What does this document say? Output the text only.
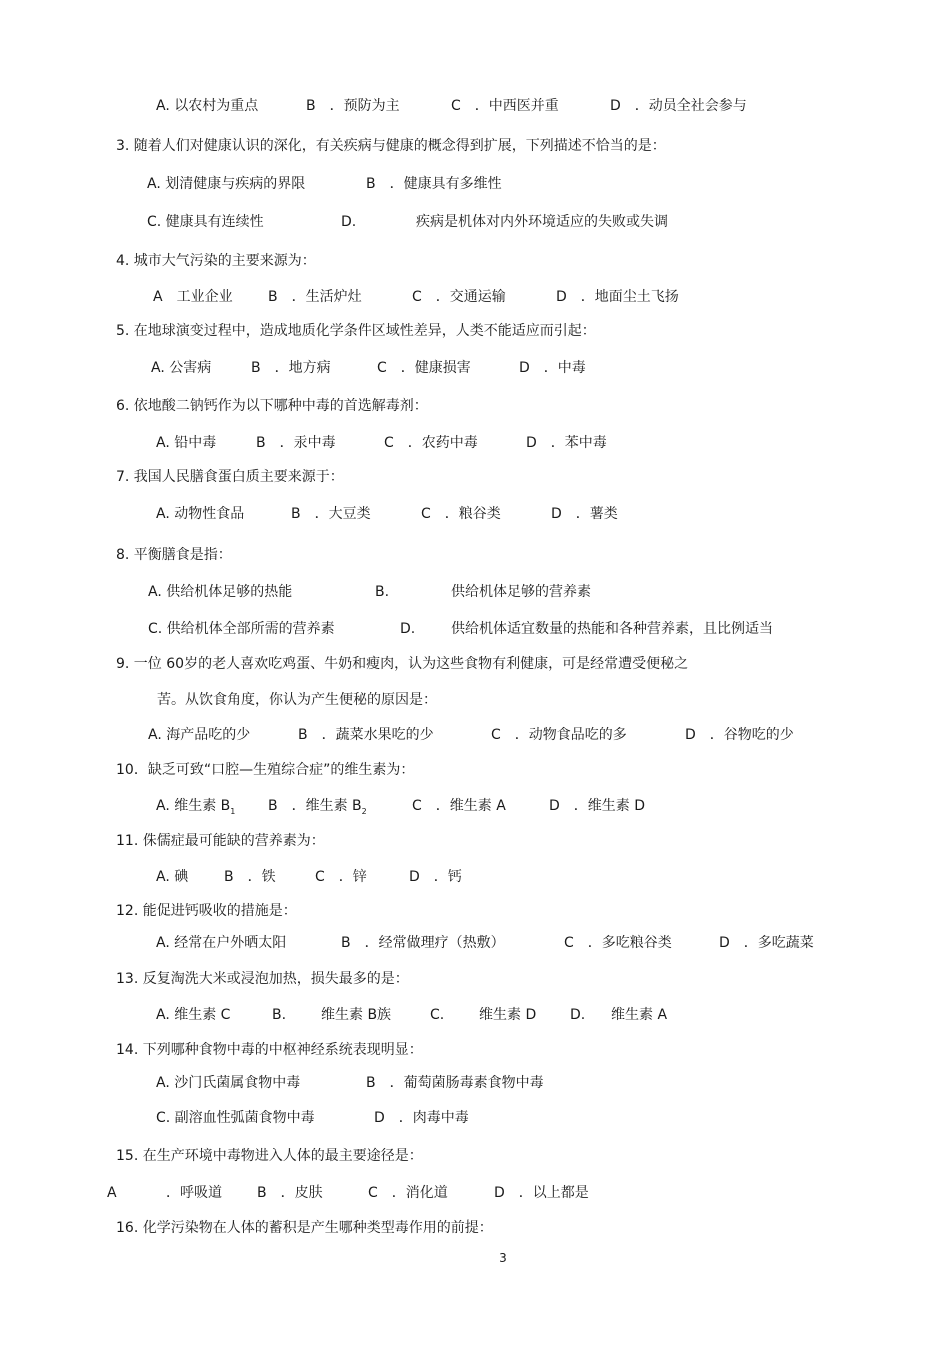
A. 以农村为重点	B　．预防为主	C　．中西医并重	D　．动员全社会参与
3. 随着人们对健康认识的深化，有关疾病与健康的概念得到扩展，下列描述不恰当的是：
A. 划清健康与疾病的界限	B　．健康具有多维性
C. 健康具有连续性	D.	疾病是机体对内外环境适应的失败或失调
4. 城市大气污染的主要来源为：
A　工业企业	B　．生活炉灶	C　．交通运输	D　．地面尘土飞扬
5. 在地球演变过程中，造成地质化学条件区域性差异，人类不能适应而引起：
A. 公害病	B　．地方病	C　．健康损害	D　．中毒
6. 依地酸二钠钙作为以下哪种中毒的首选解毒剂：
A. 铅中毒	B　．汞中毒	C　．农药中毒	D　．苯中毒
7. 我国人民膳食蛋白质主要来源于：
A. 动物性食品	B　．大豆类	C　．粮谷类	D　．薯类
8. 平衡膳食是指：
A. 供给机体足够的热能	B.	供给机体足够的营养素
C. 供给机体全部所需的营养素	D.	供给机体适宜数量的热能和各种营养素，且比例适当
9. 一位 60岁的老人喜欢吃鸡蛋、牛奶和瘦肉，认为这些食物有利健康，可是经常遭受便秘之
苦。从饮食角度，你认为产生便秘的原因是：
A. 海产品吃的少	B　．蔬菜水果吃的少	C　．动物食品吃的多	D　．谷物吃的少
10．缺乏可致“口腔—生殖综合症”的维生素为：
A. 维生素 $B_1$ B　．维生素 $B_2$	C　．维生素 A	D　．维生素 D
11. 侏儒症最可能缺的营养素为：
A. 碘	B　．铁	C　．锌	D　．钙
12. 能促进钙吸收的措施是：
A. 经常在户外晒太阳	B　．经常做理疗（热敷）	C　．多吃粮谷类	D　．多吃蔬菜
13. 反复淘洗大米或浸泡加热，损失最多的是：
A. 维生素 C	B. 维生素 B族	C. 维生素 D D. 维生素 A
14. 下列哪种食物中毒的中枢神经系统表现明显：
A. 沙门氏菌属食物中毒	B　．葡萄菌肠毒素食物中毒
C. 副溶血性弧菌食物中毒	D　．肉毒中毒
15. 在生产环境中毒物进入人体的最主要途径是：
A	．呼吸道	B　．皮肤	C　．消化道	D　．以上都是
16. 化学污染物在人体的蓄积是产生哪种类型毒作用的前提：
3
